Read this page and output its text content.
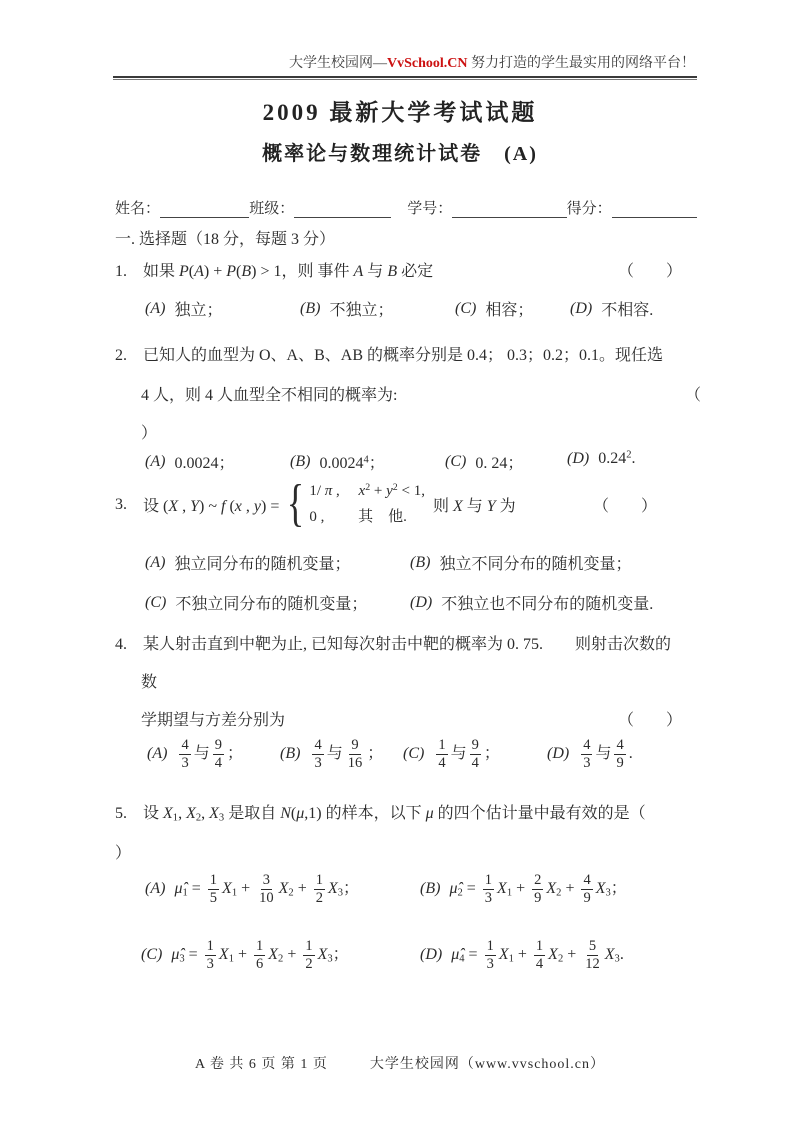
大学生校园网—VvSchool.CN 努力打造的学生最实用的网络平台！
2009 最新大学考试试题
概率论与数理统计试卷　(A)
姓名：	班级：	学号：	得分：
一. 选择题（18 分，每题 3 分）
1. 如果 P(A) + P(B) > 1，则 事件 A 与 B 必定	（　）
(A) 独立；	(B) 不独立；	(C) 相容； (D) 不相容.
2. 已知人的血型为 O、A、B、AB 的概率分别是 0.4； 0.3；0.2；0.1。现任选
4 人，则 4 人血型全不相同的概率为:	（
）
(A) 0.0024；	(B) 0.0024$^4$；	(C) 0. 24；	(D) 0.24$^2$.
3.	设 (X , Y) ~ f (x , y) = { 1/ π ,　 $x^2 + y^2 < 1$,
0 ,　　 其　他.
则 X 与 Y 为	（　）
(A) 独立同分布的随机变量；	(B) 独立不同分布的随机变量；
(C) 不独立同分布的随机变量；	(D) 不独立也不同分布的随机变量.
4. 某人射击直到中靶为止, 已知每次射击中靶的概率为 0. 75.　　则射击次数的
数
学期望与方差分别为	（　）
$(A) \frac{4}{3}$ 与 $\frac{9}{4}$ ； $(B) \frac{4}{3}$ 与 $\frac{9}{16}$ ； $(C) \frac{1}{4}$ 与 $\frac{9}{4}$ ；	$(D) \frac{4}{3}$ 与 $\frac{4}{9}$ .
5. 设 X1, X2, X3 是取自 N(μ,1) 的样本，以下 μ 的四个估计量中最有效的是（
）
(A) μ̂1 = $\frac{1}{5} X1 + \frac{3}{10} X2 + \frac{1}{2} X3$；	(B) μ̂2 = $\frac{1}{3} X1 + \frac{2}{9} X2 + \frac{4}{9} X3$；
(C) μ̂3 = $\frac{1}{3} X1 + \frac{1}{6} X2 + \frac{1}{2} X3$；	(D) μ̂4 = $\frac{1}{3} X1 + \frac{1}{4} X2 + \frac{5}{12} X3$.
A 卷 共 6 页 第 1 页	大学生校园网（www.vvschool.cn）
